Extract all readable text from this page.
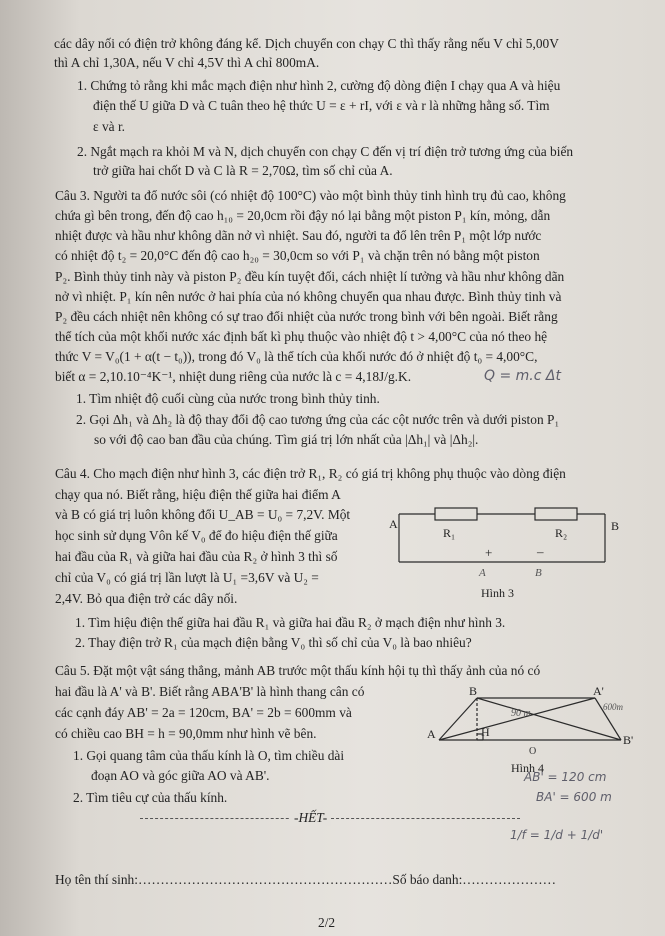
các dây nối có điện trở không đáng kể. Dịch chuyển con chạy C thì thấy rằng nếu V chỉ 5,00V
thì A chỉ 1,30A, nếu V chỉ 4,5V thì A chỉ 800mA.
1. Chứng tỏ rằng khi mắc mạch điện như hình 2, cường độ dòng điện I chạy qua A và hiệu
điện thế U giữa D và C tuân theo hệ thức U = ε + rI, với ε và r là những hằng số. Tìm
ε và r.
2. Ngắt mạch ra khỏi M và N, dịch chuyển con chạy C đến vị trí điện trở tương ứng của biến
trở giữa hai chốt D và C là R = 2,70Ω, tìm số chỉ của A.
Câu 3. Người ta đổ nước sôi (có nhiệt độ 100°C) vào một bình thủy tinh hình trụ đủ cao, không
chứa gì bên trong, đến độ cao h₁₀ = 20,0cm rồi đậy nó lại bằng một piston P₁ kín, mỏng, dẫn
nhiệt được và hầu như không dãn nở vì nhiệt. Sau đó, người ta đổ lên trên P₁ một lớp nước
có nhiệt độ t₂ = 20,0°C đến độ cao h₂₀ = 30,0cm so với P₁ và chặn trên nó bằng một piston
P₂. Bình thủy tinh này và piston P₂ đều kín tuyệt đối, cách nhiệt lí tưởng và hầu như không dãn
nở vì nhiệt. P₁ kín nên nước ở hai phía của nó không chuyển qua nhau được. Bình thủy tinh và
P₂ đều cách nhiệt nên không có sự trao đổi nhiệt của nước trong bình với bên ngoài. Biết rằng
thể tích của một khối nước xác định bất kì phụ thuộc vào nhiệt độ t > 4,00°C của nó theo hệ
thức V = V₀(1 + α(t − t₀)), trong đó V₀ là thể tích của khối nước đó ở nhiệt độ t₀ = 4,00°C,
biết α = 2,10.10⁻⁴K⁻¹, nhiệt dung riêng của nước là c = 4,18J/g.K.
1. Tìm nhiệt độ cuối cùng của nước trong bình thủy tinh.
2. Gọi Δh₁ và Δh₂ là độ thay đổi độ cao tương ứng của các cột nước trên và dưới piston P₁
so với độ cao ban đầu của chúng. Tìm giá trị lớn nhất của |Δh₁| và |Δh₂|.
Câu 4. Cho mạch điện như hình 3, các điện trở R₁, R₂ có giá trị không phụ thuộc vào dòng điện
chạy qua nó. Biết rằng, hiệu điện thế giữa hai điểm A
và B có giá trị luôn không đổi U_AB = U₀ = 7,2V. Một
học sinh sử dụng Vôn kế V₀ để đo hiệu điện thế giữa
hai đầu của R₁ và giữa hai đầu của R₂ ở hình 3 thì số
chỉ của V₀ có giá trị lần lượt là U₁ =3,6V và U₂ =
2,4V. Bỏ qua điện trở các dây nối.
1. Tìm hiệu điện thế giữa hai đầu R₁ và giữa hai đầu R₂ ở mạch điện như hình 3.
2. Thay điện trở R₁ của mạch điện bằng V₀ thì số chỉ của V₀ là bao nhiêu?
Câu 5. Đặt một vật sáng thẳng, mảnh AB trước một thấu kính hội tụ thì thấy ảnh của nó có
hai đầu là A' và B'. Biết rằng ABA'B' là hình thang cân có
các cạnh đáy AB' = 2a = 120cm, BA' = 2b = 600mm và
có chiều cao BH = h = 90,0mm như hình vẽ bên.
1. Gọi quang tâm của thấu kính là O, tìm chiều dài
đoạn AO và góc giữa AO và AB'.
2. Tìm tiêu cự của thấu kính.
-HẾT-
Họ tên thí sinh:…………………………………………………Số báo danh:…………………
2/2
A	B
R₁	R₂
+	–
A	B
Hình 3
B	A'
A	H
B'
O
90 m
600m
Hình 4
Q = m.c Δt
AB' = 120 cm
BA' = 600 m
1/f = 1/d + 1/d'
